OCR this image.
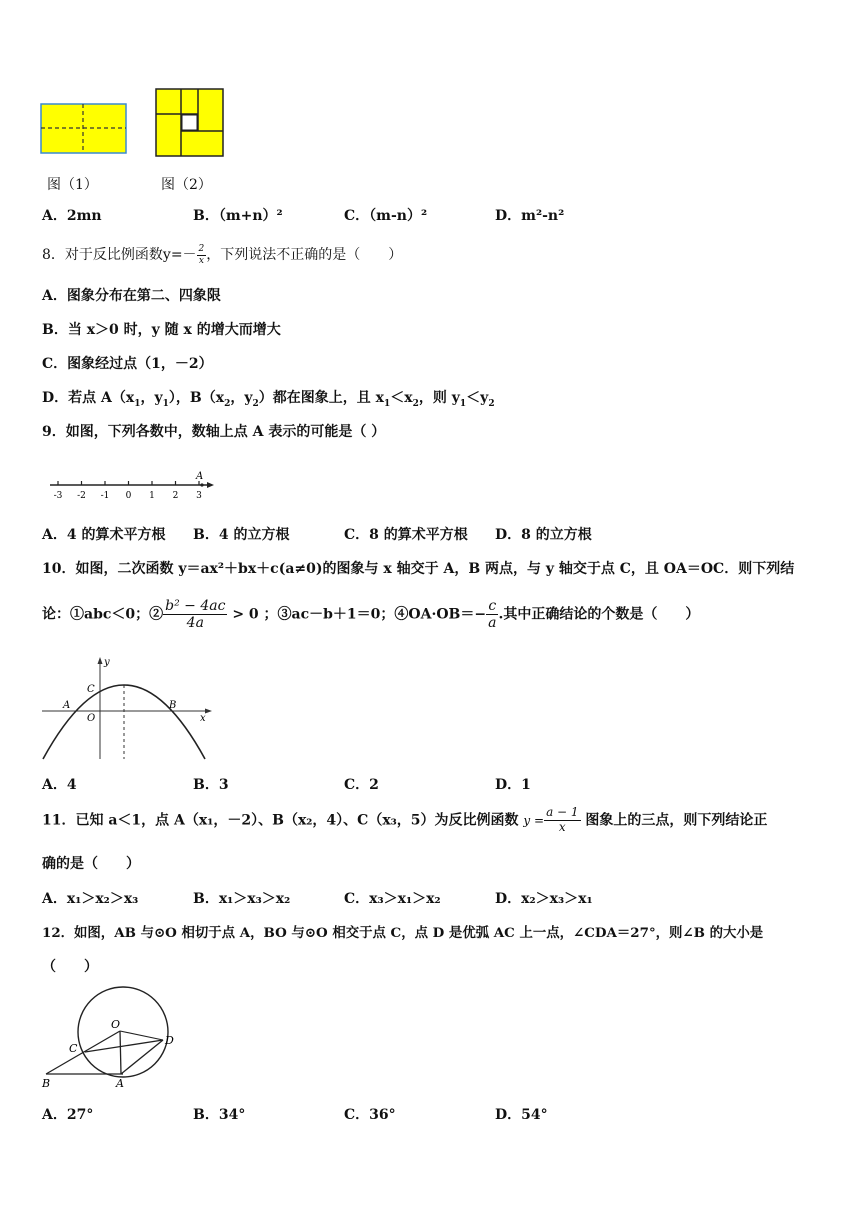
图（1）	图（2）
A．2mn	B．（m+n）²	C．（m-n）²	D．m²-n²
8．对于反比例函数$y=- \frac{2}{x}$ ，下列说法不正确的是（　　）
A．图象分布在第二、四象限
B．当 x＞0 时，y 随 x 的增大而增大
C．图象经过点（1，－2）
D．若点 $A(x_1$，$y_1$），$B(x_2$，$y_2$）都在图象上，且 $x_1<x_2$，则 $y_1<y_2$
9．如图，下列各数中，数轴上点 A 表示的可能是（ ）
-3 -2 -1 0 1 2 3
A
A．4 的算术平方根 B．4 的立方根	C．8 的算术平方根 D．8 的立方根
10．如图，二次函数 y＝ax²＋bx＋c(a≠0)的图象与 x 轴交于 A，B 两点，与 y 轴交于点 C，且 OA＝OC．则下列结
论：①abc＜0；② $\frac{\text{b² − 4ac}}{4a} > 0$ ；③ac－b＋1＝0；④OA·OB＝− $\frac{c}{a}$ .其中正确结论的个数是（　　）
y
x
C
A
O
B
A．4	B．3	C．2	D．1
11．已知 a＜1，点 A（x₁，－2）、B（x₂，4）、C（x₃，5）为反比例函数 $y = \frac{a - 1}{x}$ 图象上的三点，则下列结论正
确的是（　　）
A．x₁＞x₂＞x₃	B．x₁＞x₃＞x₂	C．x₃＞x₁＞x₂	D．x₂＞x₃＞x₁
12．如图，AB 与⊙O 相切于点 A，BO 与⊙O 相交于点 C，点 D 是优弧 AC 上一点，∠CDA＝27°，则∠B 的大小是
（　　）
O
C
D
B	A
A．27°	B．34°	C．36°	D．54°
